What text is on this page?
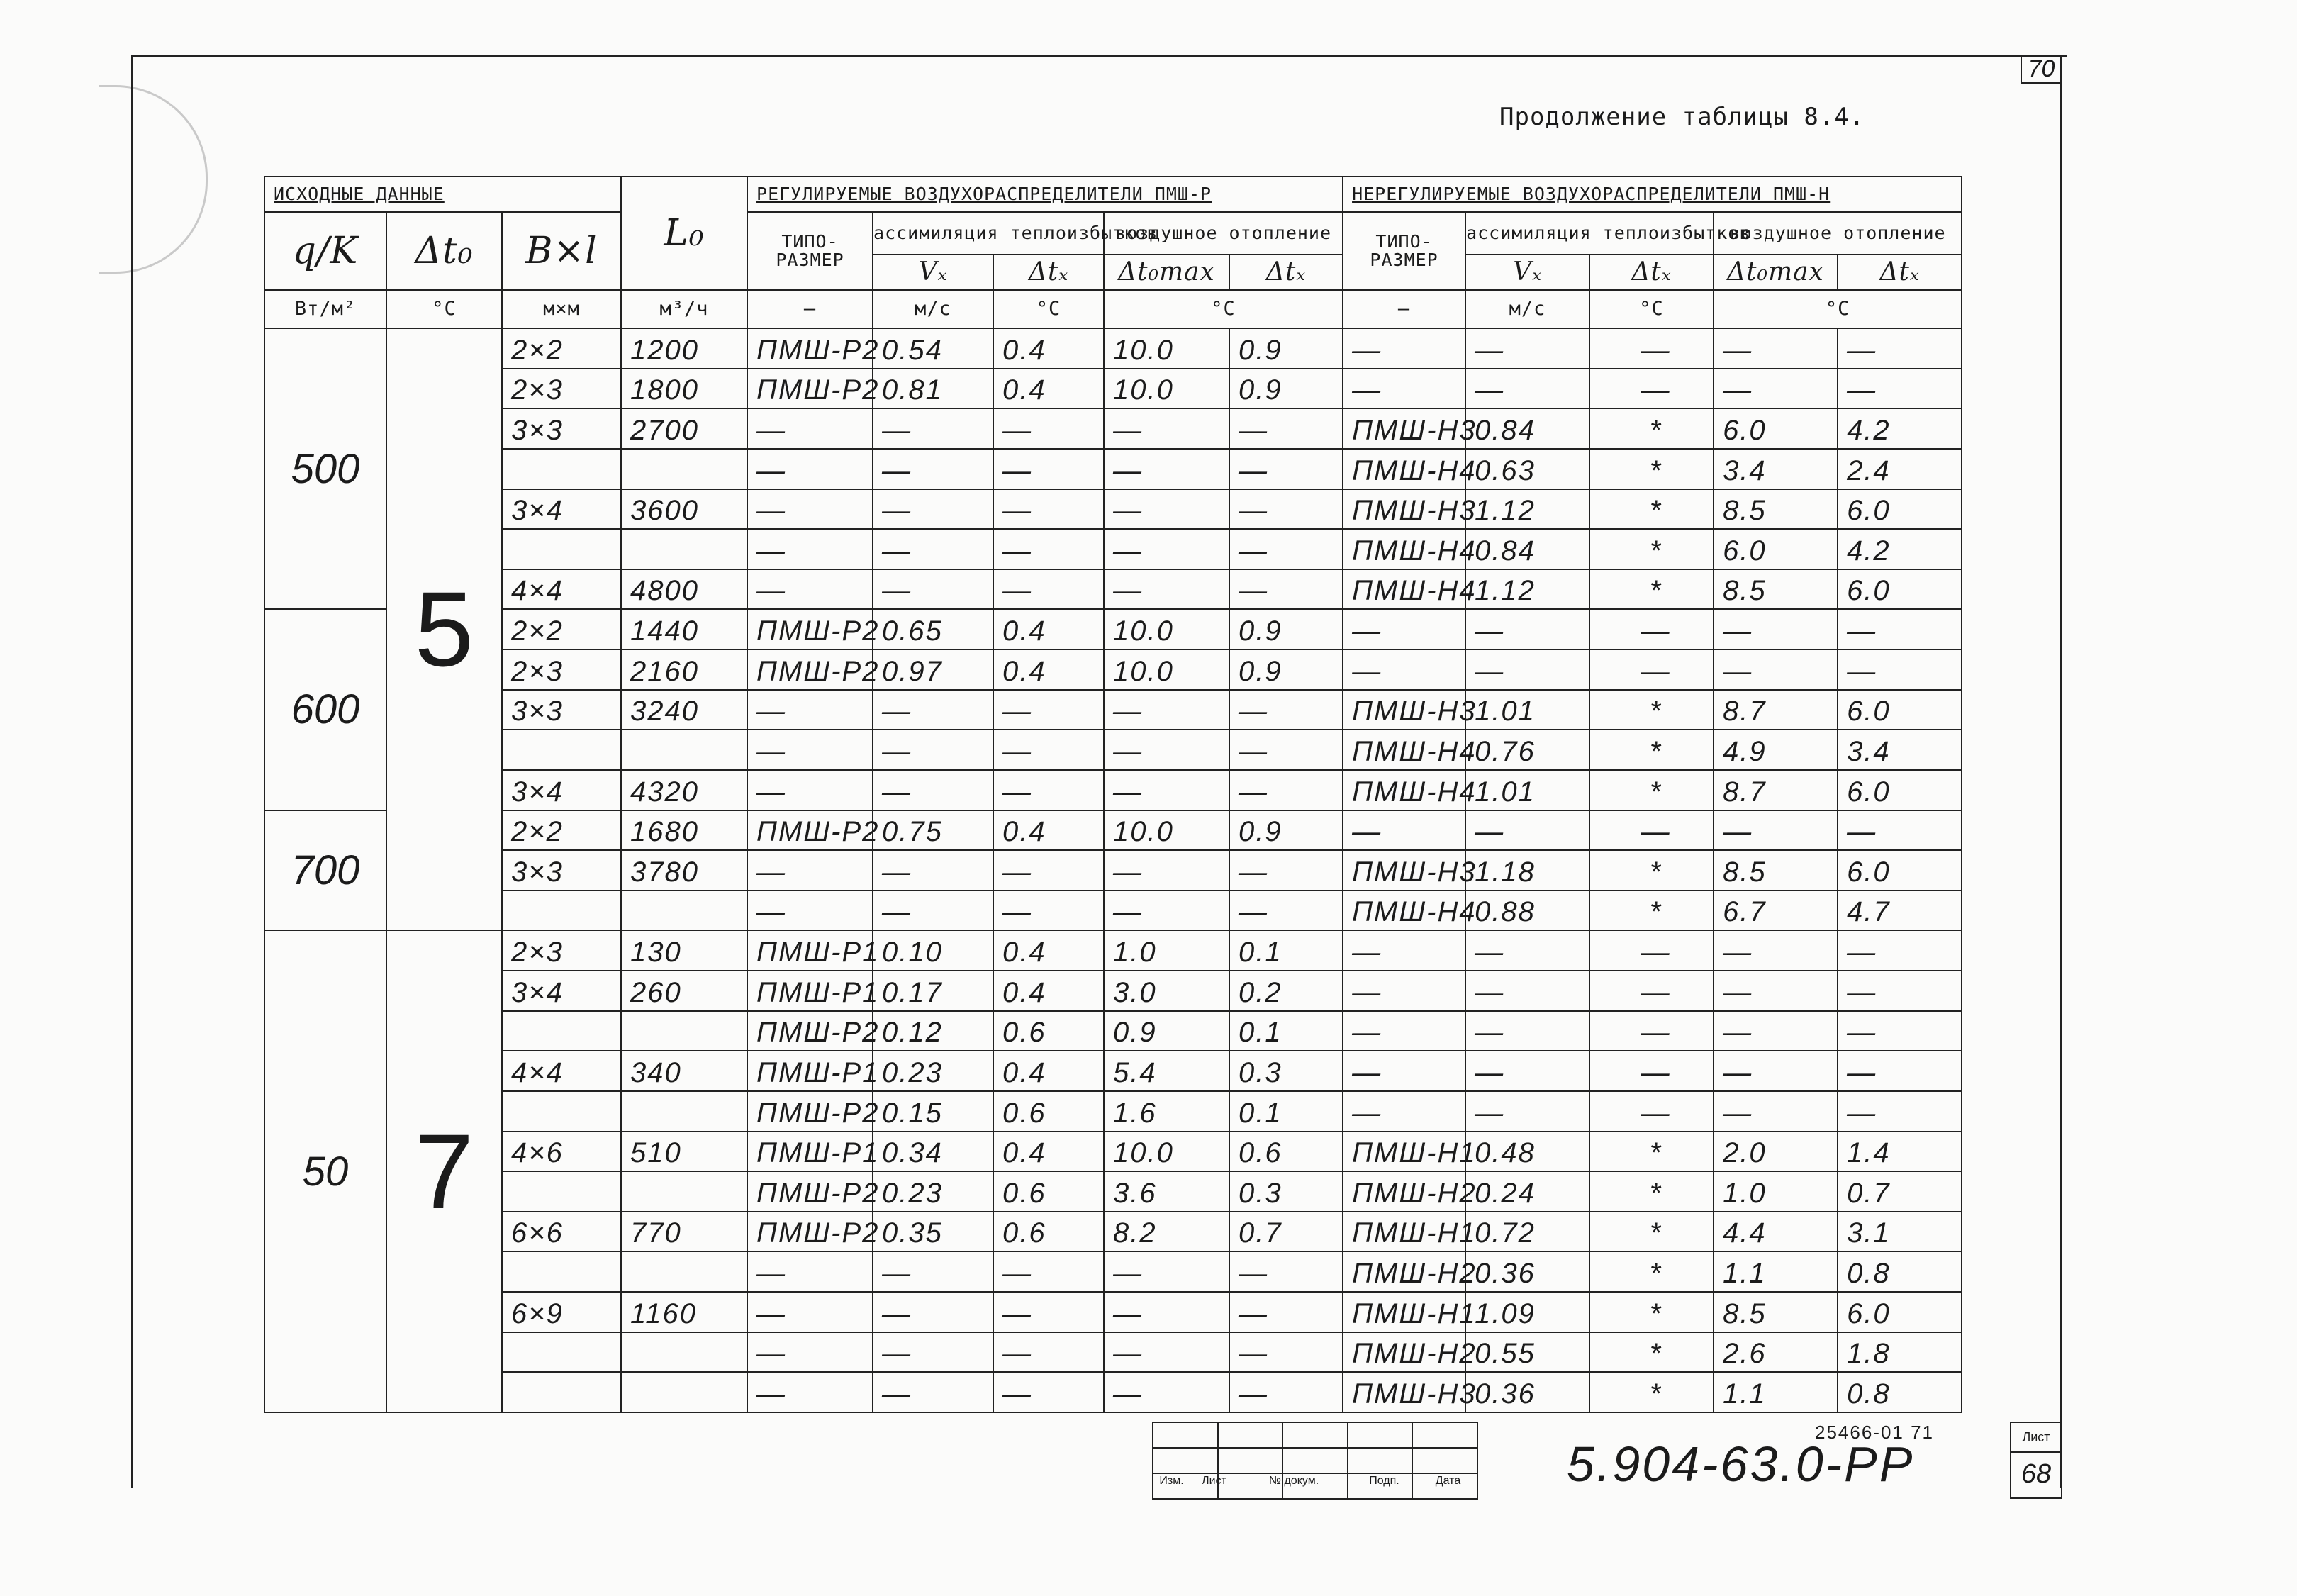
70
Продолжение таблицы 8.4.
ИСХОДНЫЕ ДАННЫЕ			L₀	РЕГУЛИРУЕМЫЕ ВОЗДУХОРАСПРЕДЕЛИТЕЛИ ПМШ-Р					НЕРЕГУЛИРУЕМЫЕ ВОЗДУХОРАСПРЕДЕЛИТЕЛИ ПМШ-Н				
q/K	Δt₀	B×l		ТИПО-РАЗМЕР	ассимиляция теплоизбытков		воздушное отопление		ТИПО-РАЗМЕР	ассимиляция теплоизбытков		воздушное отопление	
					Vₓ	Δtₓ	Δt₀max	Δtₓ		Vₓ	Δtₓ	Δt₀max	Δtₓ
Вт/м²	°С	м×м	м³/ч	–	м/с	°С	°С		–	м/с	°С	°С	
500	5	2×2	1200	ПМШ-Р2	0.54	0.4	10.0	0.9	—	—	—	—	—
		2×3	1800	ПМШ-Р2	0.81	0.4	10.0	0.9	—	—	—	—	—
		3×3	2700	—	—	—	—	—	ПМШ-Н3	0.84	*	6.0	4.2
				—	—	—	—	—	ПМШ-Н4	0.63	*	3.4	2.4
		3×4	3600	—	—	—	—	—	ПМШ-Н3	1.12	*	8.5	6.0
				—	—	—	—	—	ПМШ-Н4	0.84	*	6.0	4.2
		4×4	4800	—	—	—	—	—	ПМШ-Н4	1.12	*	8.5	6.0
600		2×2	1440	ПМШ-Р2	0.65	0.4	10.0	0.9	—	—	—	—	—
		2×3	2160	ПМШ-Р2	0.97	0.4	10.0	0.9	—	—	—	—	—
		3×3	3240	—	—	—	—	—	ПМШ-Н3	1.01	*	8.7	6.0
				—	—	—	—	—	ПМШ-Н4	0.76	*	4.9	3.4
		3×4	4320	—	—	—	—	—	ПМШ-Н4	1.01	*	8.7	6.0
700		2×2	1680	ПМШ-Р2	0.75	0.4	10.0	0.9	—	—	—	—	—
		3×3	3780	—	—	—	—	—	ПМШ-Н3	1.18	*	8.5	6.0
				—	—	—	—	—	ПМШ-Н4	0.88	*	6.7	4.7
50	7	2×3	130	ПМШ-Р1	0.10	0.4	1.0	0.1	—	—	—	—	—
		3×4	260	ПМШ-Р1	0.17	0.4	3.0	0.2	—	—	—	—	—
				ПМШ-Р2	0.12	0.6	0.9	0.1	—	—	—	—	—
		4×4	340	ПМШ-Р1	0.23	0.4	5.4	0.3	—	—	—	—	—
				ПМШ-Р2	0.15	0.6	1.6	0.1	—	—	—	—	—
		4×6	510	ПМШ-Р1	0.34	0.4	10.0	0.6	ПМШ-Н1	0.48	*	2.0	1.4
				ПМШ-Р2	0.23	0.6	3.6	0.3	ПМШ-Н2	0.24	*	1.0	0.7
		6×6	770	ПМШ-Р2	0.35	0.6	8.2	0.7	ПМШ-Н1	0.72	*	4.4	3.1
				—	—	—	—	—	ПМШ-Н2	0.36	*	1.1	0.8
		6×9	1160	—	—	—	—	—	ПМШ-Н1	1.09	*	8.5	6.0
				—	—	—	—	—	ПМШ-Н2	0.55	*	2.6	1.8
				—	—	—	—	—	ПМШ-Н3	0.36	*	1.1	0.8

Изм.	Лист	№ докум.	Подп.	Дата
25466-01 71
5.904-63.0-РР	Лист
68
